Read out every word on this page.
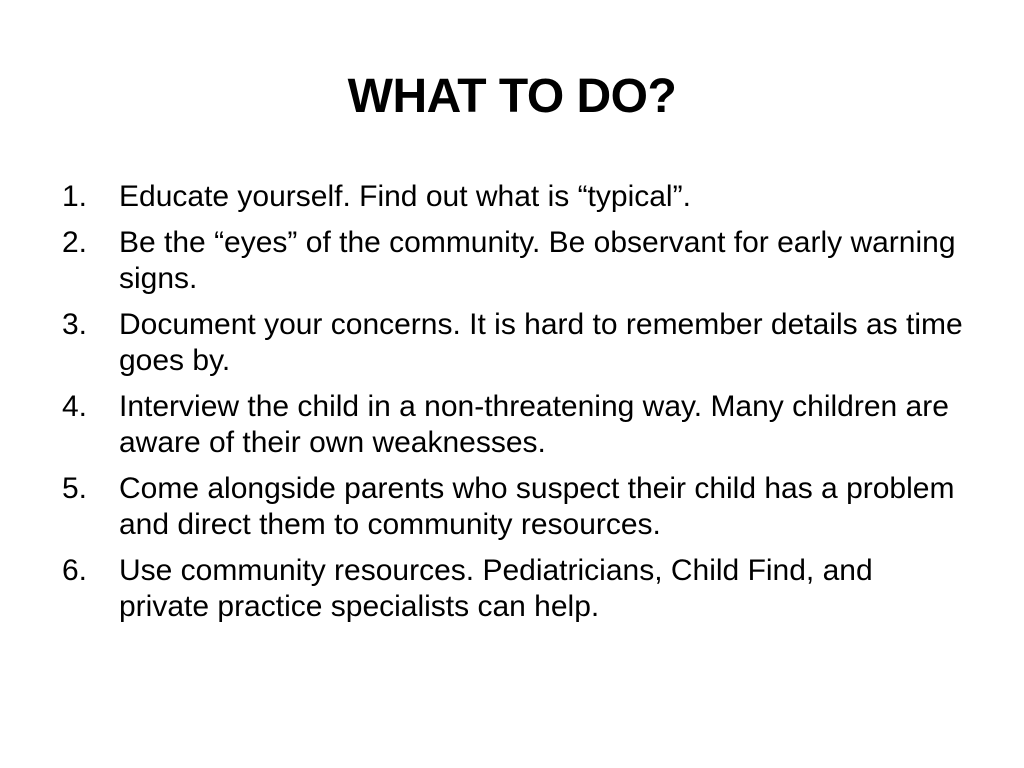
WHAT TO DO?
1.	Educate yourself. Find out what is “typical”.
2.	Be the “eyes” of the community. Be observant for early warning signs.
3.	Document your concerns. It is hard to remember details as time goes by.
4.	Interview the child in a non-threatening way. Many children are aware of their own weaknesses.
5.	Come alongside parents who suspect their child has a problem and direct them to community resources.
6.	Use community resources. Pediatricians, Child Find, and private practice specialists can help.
